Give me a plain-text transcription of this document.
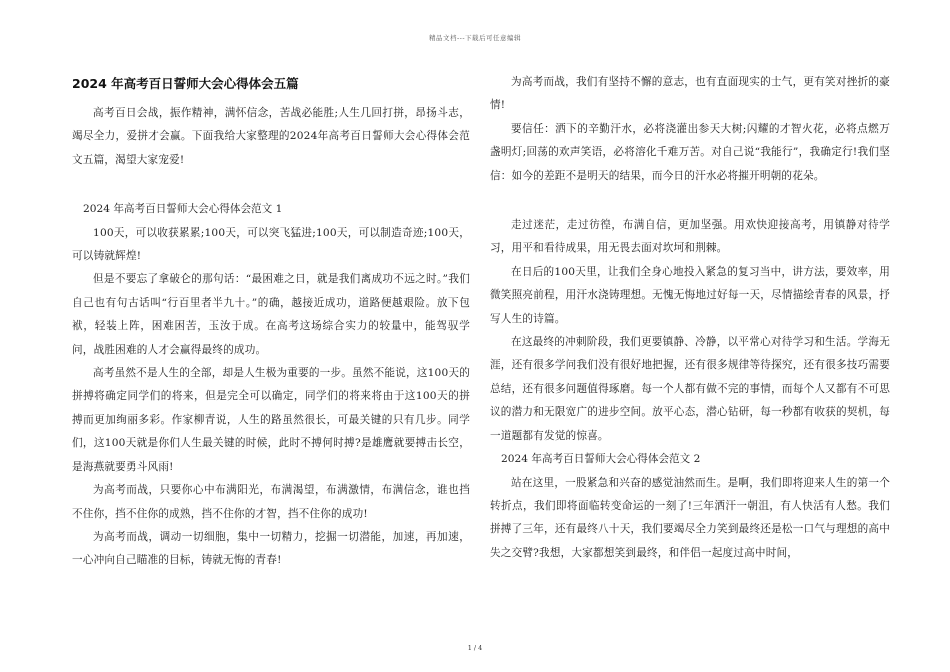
精品文档---下载后可任意编辑
2024 年高考百日誓师大会心得体会五篇

高考百日会战，振作精神，满怀信念，苦战必能胜;人生几回打拼，昂扬斗志，竭尽全力，爱拼才会赢。下面我给大家整理的2024年高考百日誓师大会心得体会范文五篇，渴望大家宠爱!

2024 年高考百日誓师大会心得体会范文 1

100天，可以收获累累;100天，可以突飞猛进;100天，可以制造奇迹;100天，可以铸就辉煌!

但是不要忘了拿破仑的那句话：“最困难之日，就是我们离成功不远之时。”我们自己也有句古话叫“行百里者半九十。”的确，越接近成功，道路便越艰险。放下包袱，轻装上阵，困难困苦，玉汝于成。在高考这场综合实力的较量中，能驾驭学问，战胜困难的人才会赢得最终的成功。

高考虽然不是人生的全部，却是人生极为重要的一步。虽然不能说，这100天的拼搏将确定同学们的将来，但是完全可以确定，同学们的将来将由于这100天的拼搏而更加绚丽多彩。作家柳青说，人生的路虽然很长，可最关键的只有几步。同学们，这100天就是你们人生最关键的时候，此时不搏何时搏?是雄鹰就要搏击长空，是海燕就要勇斗风雨!

为高考而战，只要你心中布满阳光，布满渴望，布满激情，布满信念，谁也挡不住你，挡不住你的成熟，挡不住你的才智，挡不住你的成功!

为高考而战，调动一切细胞，集中一切精力，挖掘一切潜能，加速，再加速，一心冲向自己瞄准的目标，铸就无悔的青春!

为高考而战，我们有坚持不懈的意志，也有直面现实的士气，更有笑对挫折的豪情!

要信任：洒下的辛勤汗水，必将浇灌出参天大树;闪耀的才智火花，必将点燃万盏明灯;回荡的欢声笑语，必将溶化千难万苦。对自己说“我能行”，我确定行!我们坚信：如今的差距不是明天的结果，而今日的汗水必将摧开明朝的花朵。

走过迷茫，走过彷徨，布满自信，更加坚强。用欢快迎接高考，用镇静对待学习，用平和看待成果，用无畏去面对坎坷和荆棘。

在日后的100天里，让我们全身心地投入紧急的复习当中，讲方法，要效率，用微笑照亮前程，用汗水浇铸理想。无愧无悔地过好每一天，尽情描绘青春的风景，抒写人生的诗篇。

在这最终的冲刺阶段，我们更要镇静、冷静，以平常心对待学习和生活。学海无涯，还有很多学问我们没有很好地把握，还有很多规律等待探究，还有很多技巧需要总结，还有很多问题值得琢磨。每一个人都有做不完的事情，而每个人又都有不可思议的潜力和无限宽广的进步空间。放平心态，潜心钻研，每一秒都有收获的契机，每一道题都有发觉的惊喜。

2024 年高考百日誓师大会心得体会范文 2

站在这里，一股紧急和兴奋的感觉油然而生。是啊，我们即将迎来人生的第一个转折点，我们即将面临转变命运的一刻了!三年洒汗一朝沮，有人快活有人愁。我们拼搏了三年，还有最终八十天，我们要竭尽全力笑到最终还是松一口气与理想的高中失之交臂?我想，大家都想笑到最终，和伴侣一起度过高中时间，

1 / 4
